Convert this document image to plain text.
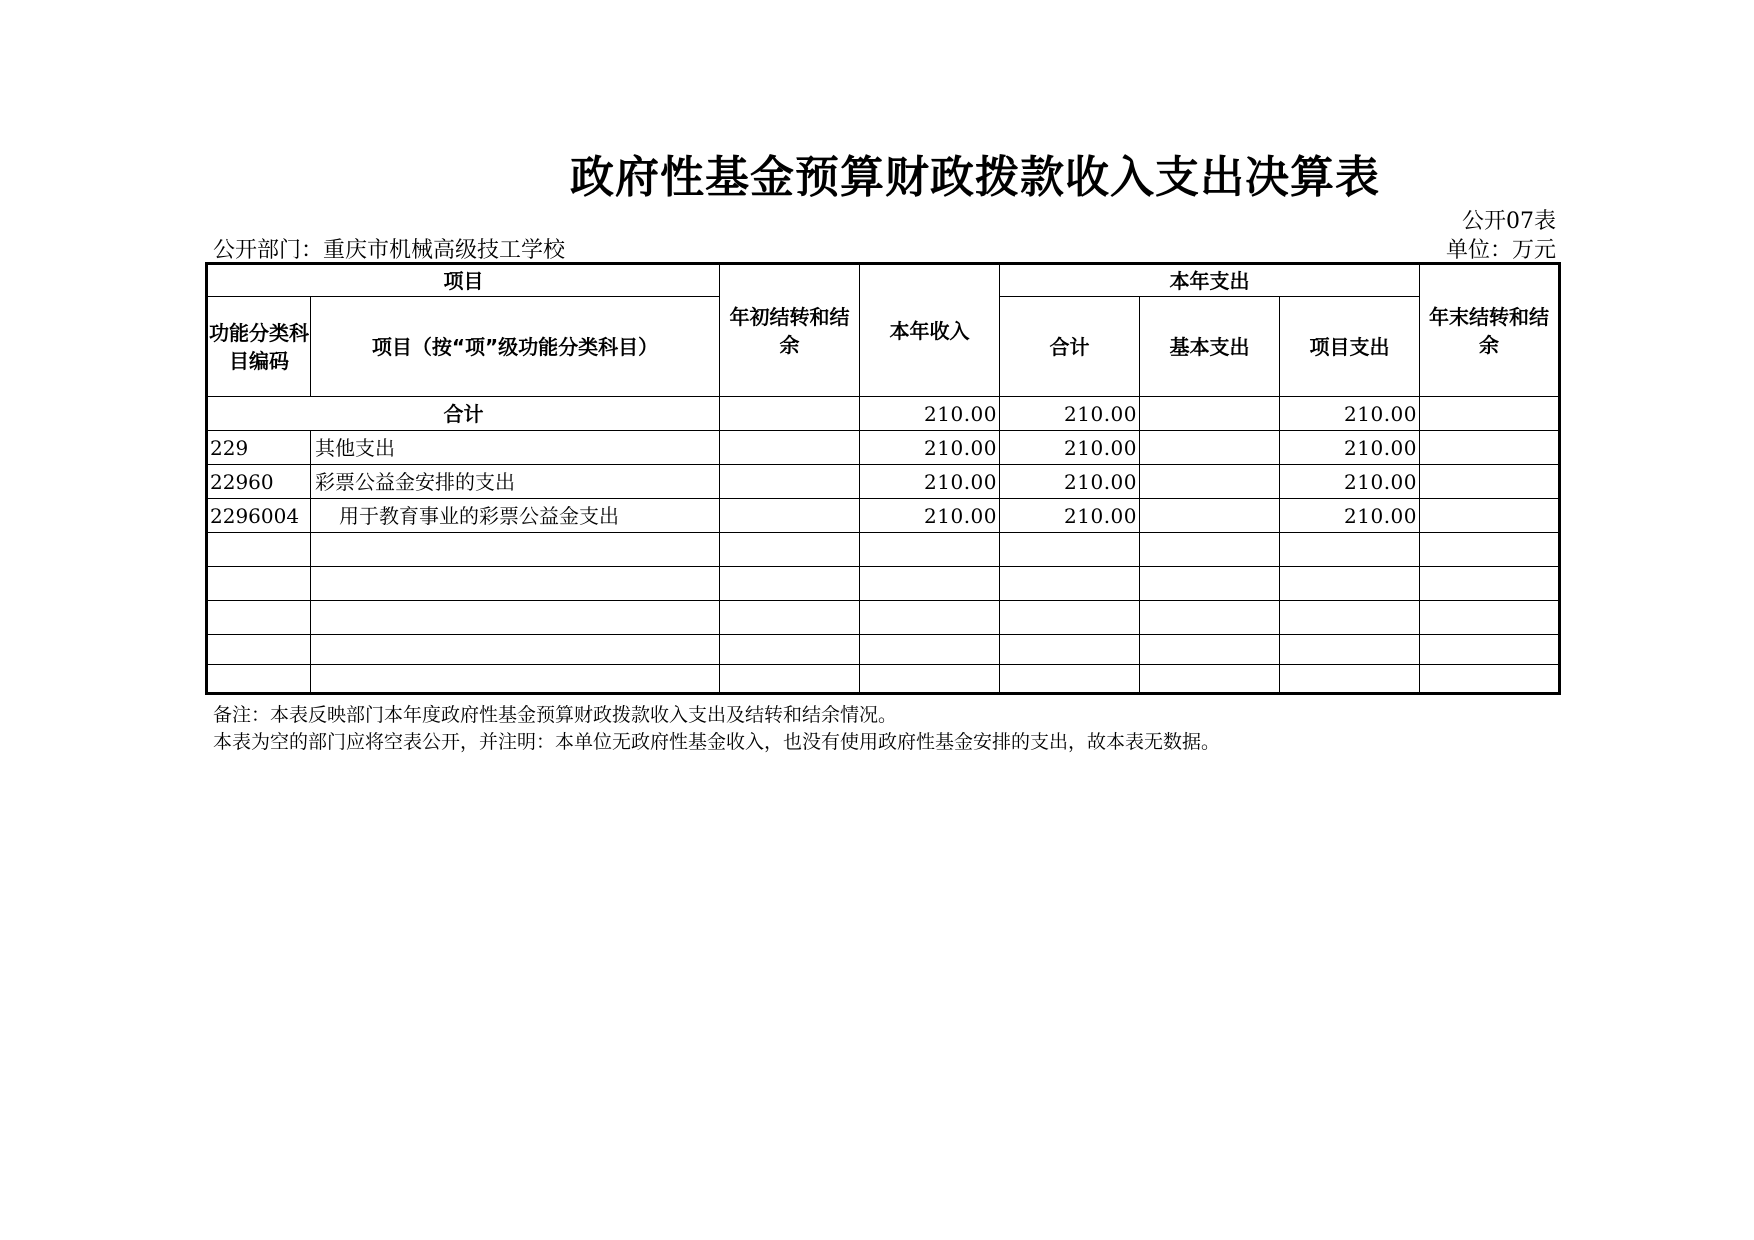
政府性基金预算财政拨款收入支出决算表
公开07表
公开部门：重庆市机械高级技工学校	单位：万元
项目		年初结转和结余	本年收入	本年支出			年末结转和结余
功能分类科目编码	项目（按“项”级功能分类科目）			合计	基本支出	项目支出	
合计			210.00	210.00		210.00	
229	其他支出		210.00	210.00		210.00	
22960	彩票公益金安排的支出		210.00	210.00		210.00	
2296004	用于教育事业的彩票公益金支出		210.00	210.00		210.00	

备注：本表反映部门本年度政府性基金预算财政拨款收入支出及结转和结余情况。
本表为空的部门应将空表公开，并注明：本单位无政府性基金收入，也没有使用政府性基金安排的支出，故本表无数据。
